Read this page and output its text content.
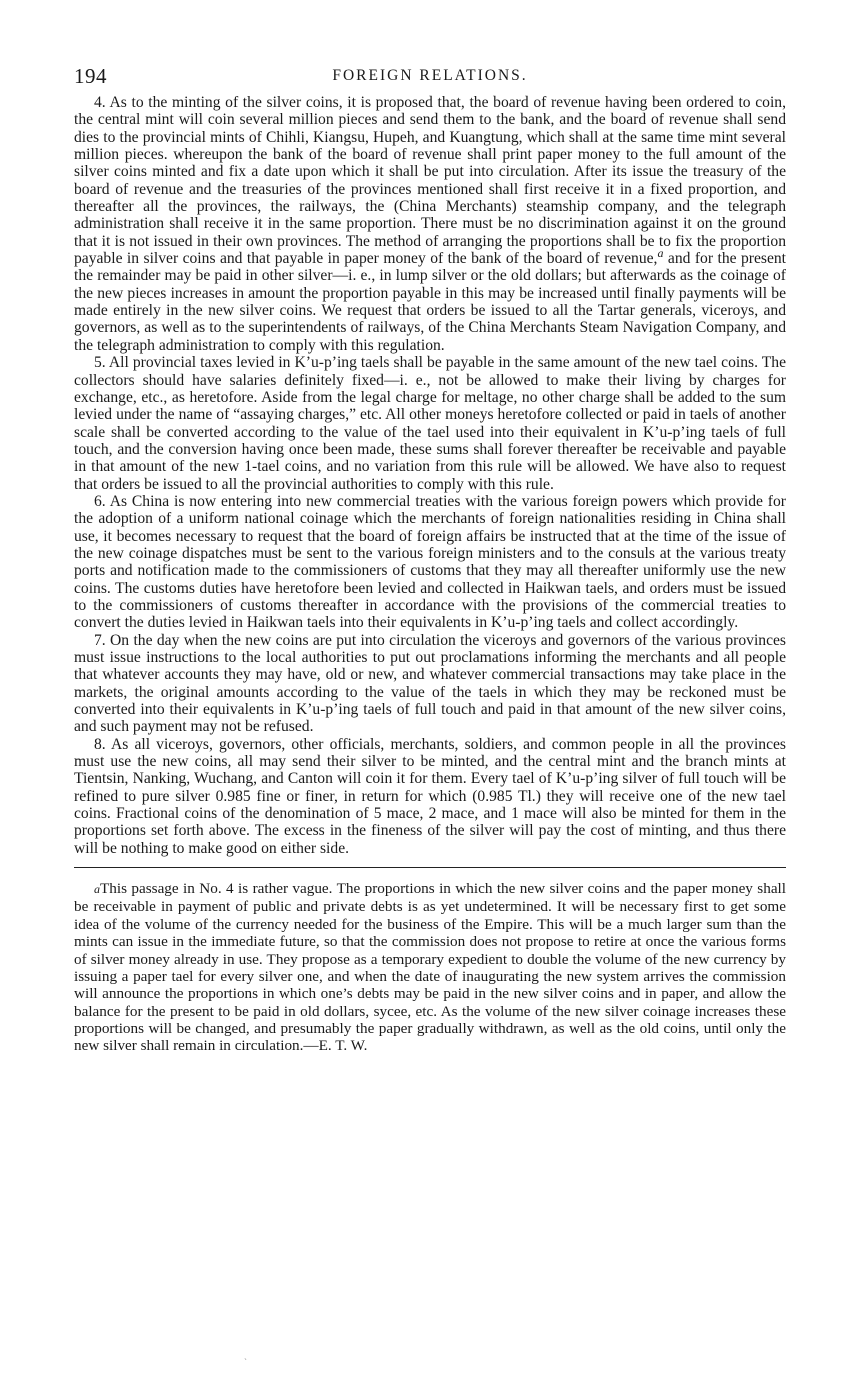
194	FOREIGN RELATIONS.

4. As to the minting of the silver coins, it is proposed that, the board of revenue having been ordered to coin, the central mint will coin several million pieces and send them to the bank, and the board of revenue shall send dies to the provincial mints of Chihli, Kiangsu, Hupeh, and Kuangtung, which shall at the same time mint several million pieces. whereupon the bank of the board of revenue shall print paper money to the full amount of the silver coins minted and fix a date upon which it shall be put into circulation. After its issue the treasury of the board of revenue and the treasuries of the provinces mentioned shall first receive it in a fixed proportion, and thereafter all the provinces, the railways, the (China Merchants) steamship company, and the telegraph administration shall receive it in the same proportion. There must be no discrimination against it on the ground that it is not issued in their own provinces. The method of arranging the proportions shall be to fix the proportion payable in silver coins and that payable in paper money of the bank of the board of revenue,$^a$ and for the present the remainder may be paid in other silver—i. e., in lump silver or the old dollars; but afterwards as the coinage of the new pieces increases in amount the proportion payable in this may be increased until finally payments will be made entirely in the new silver coins. We request that orders be issued to all the Tartar generals, viceroys, and governors, as well as to the superintendents of railways, of the China Merchants Steam Navigation Company, and the telegraph administration to comply with this regulation.

5. All provincial taxes levied in K’u-p’ing taels shall be payable in the same amount of the new tael coins. The collectors should have salaries definitely fixed—i. e., not be allowed to make their living by charges for exchange, etc., as heretofore. Aside from the legal charge for meltage, no other charge shall be added to the sum levied under the name of “assaying charges,” etc. All other moneys heretofore collected or paid in taels of another scale shall be converted according to the value of the tael used into their equivalent in K’u-p’ing taels of full touch, and the conversion having once been made, these sums shall forever thereafter be receivable and payable in that amount of the new 1-tael coins, and no variation from this rule will be allowed. We have also to request that orders be issued to all the provincial authorities to comply with this rule.

6. As China is now entering into new commercial treaties with the various foreign powers which provide for the adoption of a uniform national coinage which the merchants of foreign nationalities residing in China shall use, it becomes necessary to request that the board of foreign affairs be instructed that at the time of the issue of the new coinage dispatches must be sent to the various foreign ministers and to the consuls at the various treaty ports and notification made to the commissioners of customs that they may all thereafter uniformly use the new coins. The customs duties have heretofore been levied and collected in Haikwan taels, and orders must be issued to the commissioners of customs thereafter in accordance with the provisions of the commercial treaties to convert the duties levied in Haikwan taels into their equivalents in K’u-p’ing taels and collect accordingly.

7. On the day when the new coins are put into circulation the viceroys and governors of the various provinces must issue instructions to the local authorities to put out proclamations informing the merchants and all people that whatever accounts they may have, old or new, and whatever commercial transactions may take place in the markets, the original amounts according to the value of the taels in which they may be reckoned must be converted into their equivalents in K’u-p’ing taels of full touch and paid in that amount of the new silver coins, and such payment may not be refused.

8. As all viceroys, governors, other officials, merchants, soldiers, and common people in all the provinces must use the new coins, all may send their silver to be minted, and the central mint and the branch mints at Tientsin, Nanking, Wuchang, and Canton will coin it for them. Every tael of K’u-p’ing silver of full touch will be refined to pure silver 0.985 fine or finer, in return for which (0.985 Tl.) they will receive one of the new tael coins. Fractional coins of the denomination of 5 mace, 2 mace, and 1 mace will also be minted for them in the proportions set forth above. The excess in the fineness of the silver will pay the cost of minting, and thus there will be nothing to make good on either side.

aThis passage in No. 4 is rather vague. The proportions in which the new silver coins and the paper money shall be receivable in payment of public and private debts is as yet undetermined. It will be necessary first to get some idea of the volume of the currency needed for the business of the Empire. This will be a much larger sum than the mints can issue in the immediate future, so that the commission does not propose to retire at once the various forms of silver money already in use. They propose as a temporary expedient to double the volume of the new currency by issuing a paper tael for every silver one, and when the date of inaugurating the new system arrives the commission will announce the proportions in which one’s debts may be paid in the new silver coins and in paper, and allow the balance for the present to be paid in old dollars, sycee, etc. As the volume of the new silver coinage increases these proportions will be changed, and presumably the paper gradually withdrawn, as well as the old coins, until only the new silver shall remain in circulation.—E. T. W.

`
